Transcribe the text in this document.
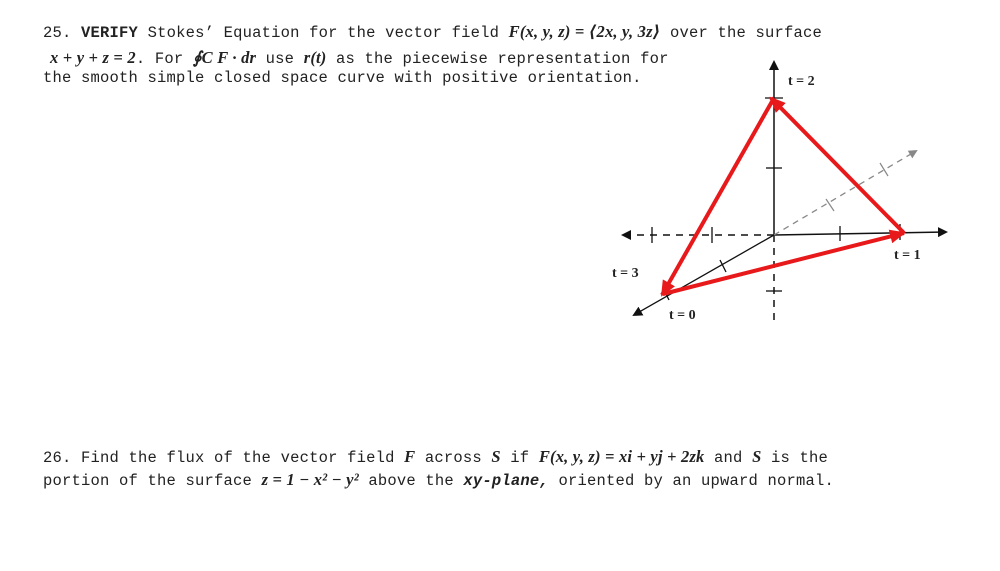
25. VERIFY Stokes’ Equation for the vector field F(x, y, z) = ⟨2x, y, 3z⟩ over the surface
x + y + z = 2. For ∮C F · dr use r(t) as the piecewise representation for
the smooth simple closed space curve with positive orientation.	t = 2
t = 1
t = 3
t = 0
26. Find the flux of the vector field F across S if F(x, y, z) = xi + yj + 2zk and S is the
portion of the surface z = 1 − x² − y² above the xy-plane, oriented by an upward normal.
